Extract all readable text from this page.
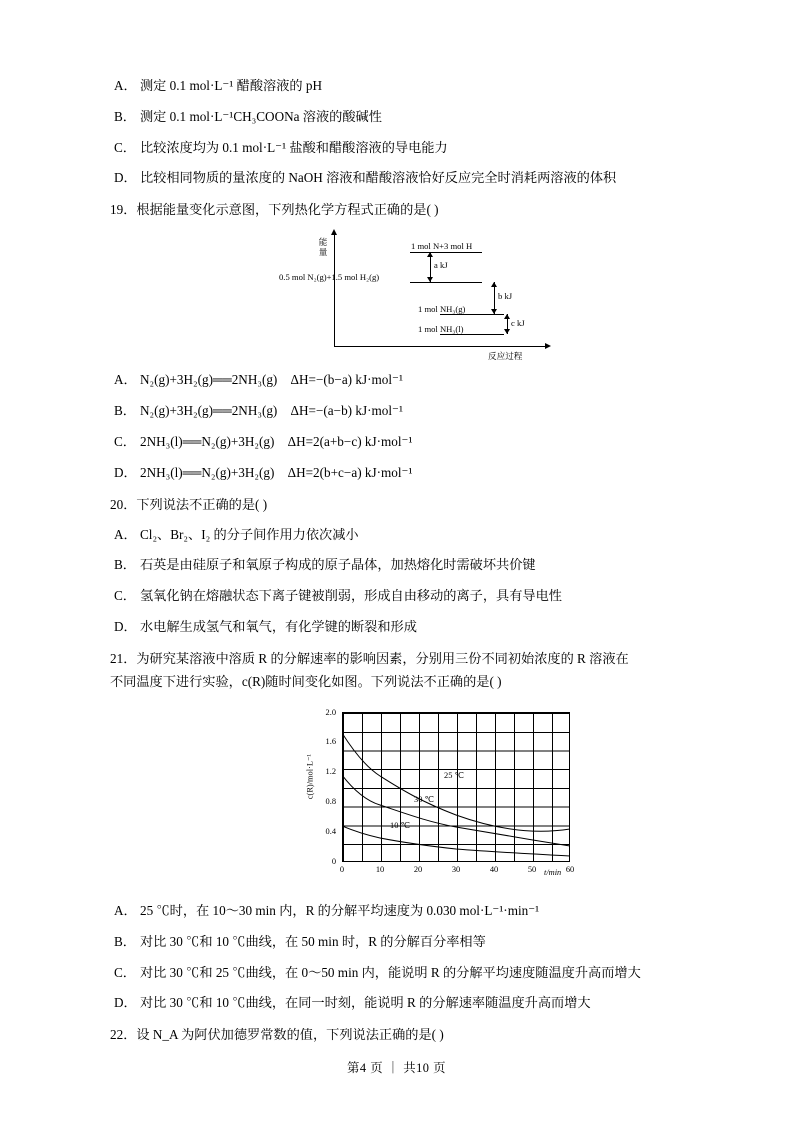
A． 测定 0.1 mol·L⁻¹ 醋酸溶液的 pH
B． 测定 0.1 mol·L⁻¹CH₃COONa 溶液的酸碱性
C． 比较浓度均为 0.1 mol·L⁻¹ 盐酸和醋酸溶液的导电能力
D． 比较相同物质的量浓度的 NaOH 溶液和醋酸溶液恰好反应完全时消耗两溶液的体积
19．根据能量变化示意图，下列热化学方程式正确的是( )
能量
反应过程
1 mol N+3 mol H
0.5 mol N₂(g)+1.5 mol H₂(g)
1 mol NH₃(g)
1 mol NH₃(l)
a kJ
b kJ
c kJ
A． N₂(g)+3H₂(g)══2NH₃(g)　ΔH=−(b−a) kJ·mol⁻¹
B． N₂(g)+3H₂(g)══2NH₃(g)　ΔH=−(a−b) kJ·mol⁻¹
C． 2NH₃(l)══N₂(g)+3H₂(g)　ΔH=2(a+b−c) kJ·mol⁻¹
D． 2NH₃(l)══N₂(g)+3H₂(g)　ΔH=2(b+c−a) kJ·mol⁻¹
20．下列说法不正确的是( )
A． Cl₂、Br₂、I₂ 的分子间作用力依次减小
B． 石英是由硅原子和氧原子构成的原子晶体，加热熔化时需破坏共价键
C． 氢氧化钠在熔融状态下离子键被削弱，形成自由移动的离子，具有导电性
D． 水电解生成氢气和氧气，有化学键的断裂和形成
21．为研究某溶液中溶质 R 的分解速率的影响因素，分别用三份不同初始浓度的 R 溶液在
不同温度下进行实验，c(R)随时间变化如图。下列说法不正确的是( )
c(R)/mol·L⁻¹
2.0
1.6
1.2
0.8
0.4
0
0	10	20	30	40	50	60
t/min
25 ℃
30 ℃
10 ℃
A． 25 ℃时，在 10～30 min 内，R 的分解平均速度为 0.030 mol·L⁻¹·min⁻¹
B． 对比 30 ℃和 10 ℃曲线，在 50 min 时，R 的分解百分率相等
C． 对比 30 ℃和 25 ℃曲线，在 0～50 min 内，能说明 R 的分解平均速度随温度升高而增大
D． 对比 30 ℃和 10 ℃曲线，在同一时刻，能说明 R 的分解速率随温度升高而增大
22．设 N_A 为阿伏加德罗常数的值，下列说法正确的是( )
第4 页 ｜ 共10 页
